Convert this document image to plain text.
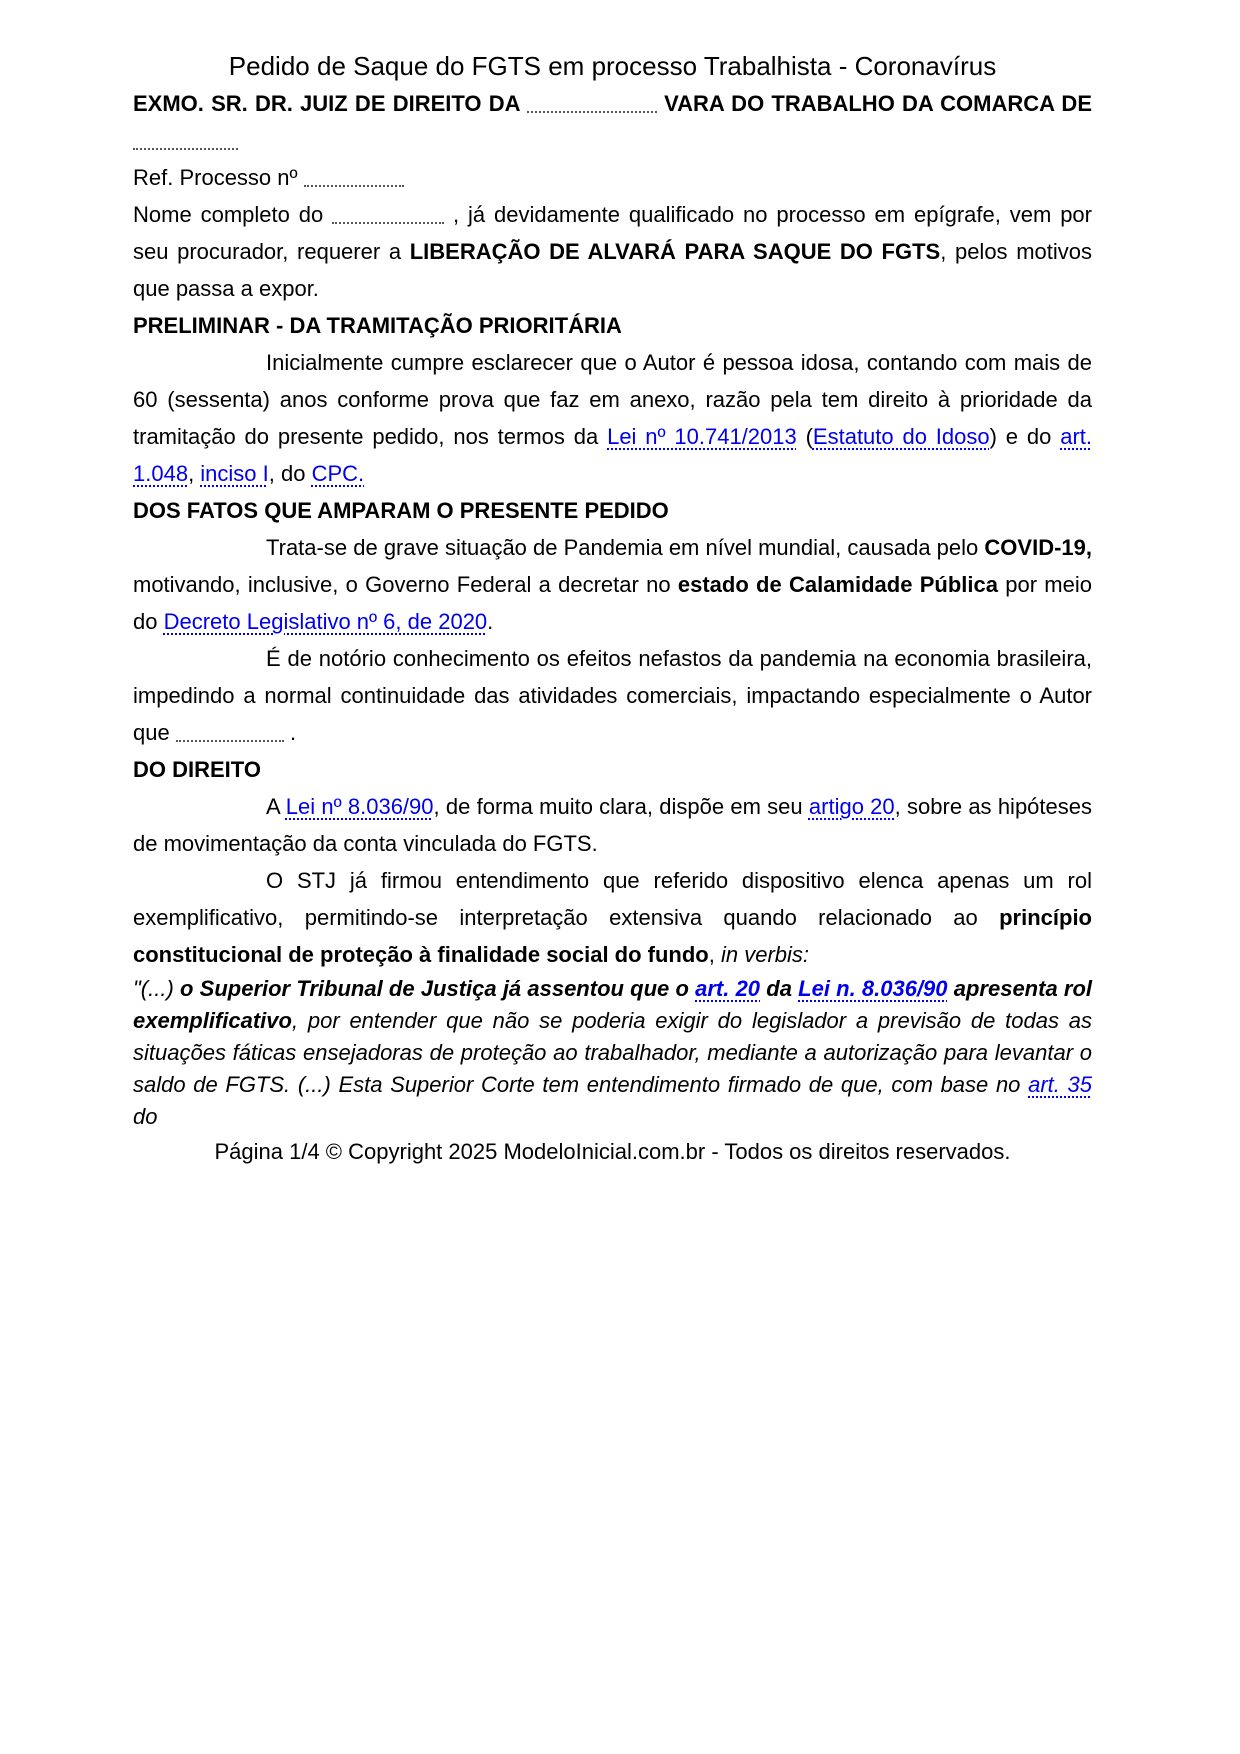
Pedido de Saque do FGTS em processo Trabalhista - Coronavírus
EXMO. SR. DR. JUIZ DE DIREITO DA	VARA DO TRABALHO DA COMARCA DE

Ref. Processo nº
Nome completo do	, já devidamente qualificado no processo em epígrafe, vem por seu procurador, requerer a LIBERAÇÃO DE ALVARÁ PARA SAQUE DO FGTS, pelos motivos que passa a expor.
PRELIMINAR - DA TRAMITAÇÃO PRIORITÁRIA
Inicialmente cumpre esclarecer que o Autor é pessoa idosa, contando com mais de 60 (sessenta) anos conforme prova que faz em anexo, razão pela tem direito à prioridade da tramitação do presente pedido, nos termos da Lei nº 10.741/2013 (Estatuto do Idoso) e do art. 1.048, inciso I, do CPC.
DOS FATOS QUE AMPARAM O PRESENTE PEDIDO
Trata-se de grave situação de Pandemia em nível mundial, causada pelo COVID-19, motivando, inclusive, o Governo Federal a decretar no estado de Calamidade Pública por meio do Decreto Legislativo nº 6, de 2020.
É de notório conhecimento os efeitos nefastos da pandemia na economia brasileira, impedindo a normal continuidade das atividades comerciais, impactando especialmente o Autor que	.
DO DIREITO
A Lei nº 8.036/90, de forma muito clara, dispõe em seu artigo 20, sobre as hipóteses de movimentação da conta vinculada do FGTS.
O STJ já firmou entendimento que referido dispositivo elenca apenas um rol exemplificativo, permitindo-se interpretação extensiva quando relacionado ao princípio constitucional de proteção à finalidade social do fundo, in verbis:
"(...) o Superior Tribunal de Justiça já assentou que o art. 20 da Lei n. 8.036/90 apresenta rol exemplificativo, por entender que não se poderia exigir do legislador a previsão de todas as situações fáticas ensejadoras de proteção ao trabalhador, mediante a autorização para levantar o saldo de FGTS. (...) Esta Superior Corte tem entendimento firmado de que, com base no art. 35 do
Página 1/4 © Copyright 2025 ModeloInicial.com.br - Todos os direitos reservados.
